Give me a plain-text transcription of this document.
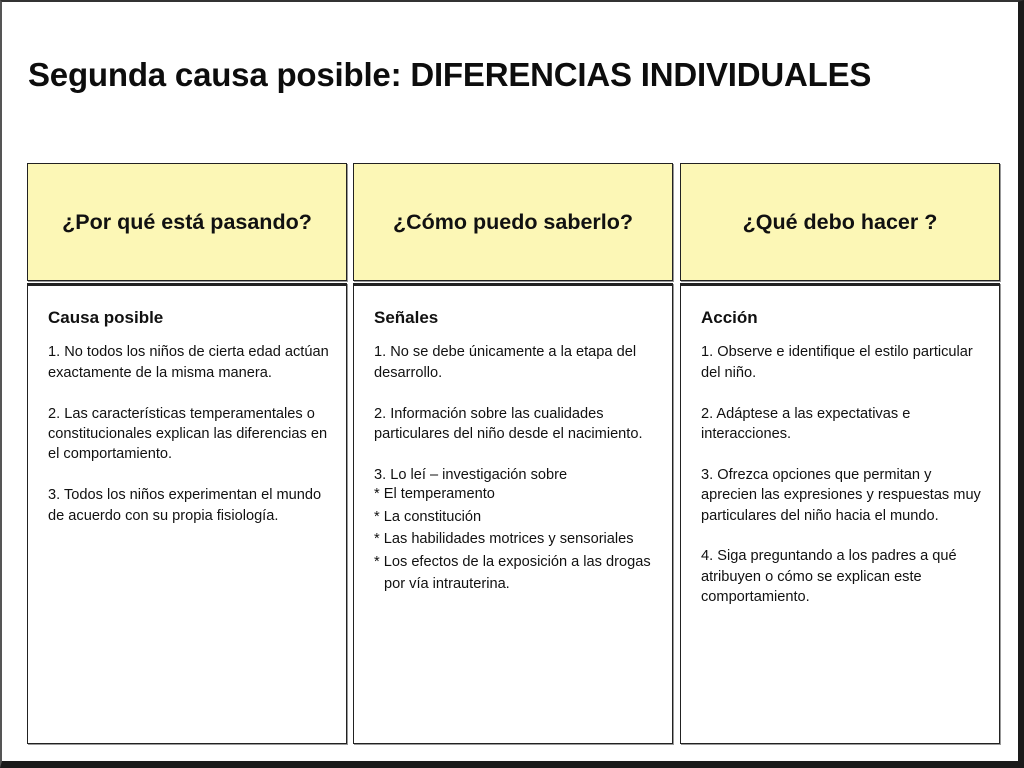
Segunda causa posible: DIFERENCIAS INDIVIDUALES
¿Por qué está pasando?

Causa posible

1. No todos los niños de cierta edad actúan exactamente de la misma manera.

2. Las características temperamentales o constitucionales explican las diferencias en el comportamiento.

3. Todos los niños experimentan el mundo de acuerdo con su propia fisiología.

¿Cómo puedo saberlo?

Señales

1. No se debe únicamente a la etapa del desarrollo.

2. Información sobre las cualidades particulares del niño desde el nacimiento.

3. Lo leí – investigación sobre

* El temperamento

* La constitución

* Las habilidades motrices y sensoriales

* Los efectos de la exposición a las drogas por vía intrauterina.

¿Qué debo hacer ?

Acción

1. Observe e identifique el estilo particular del niño.

2. Adáptese a las expectativas e interacciones.

3. Ofrezca opciones que permitan y aprecien las expresiones y respuestas muy particulares del niño hacia el mundo.

4. Siga preguntando a los padres a qué atribuyen o cómo se explican este comportamiento.
